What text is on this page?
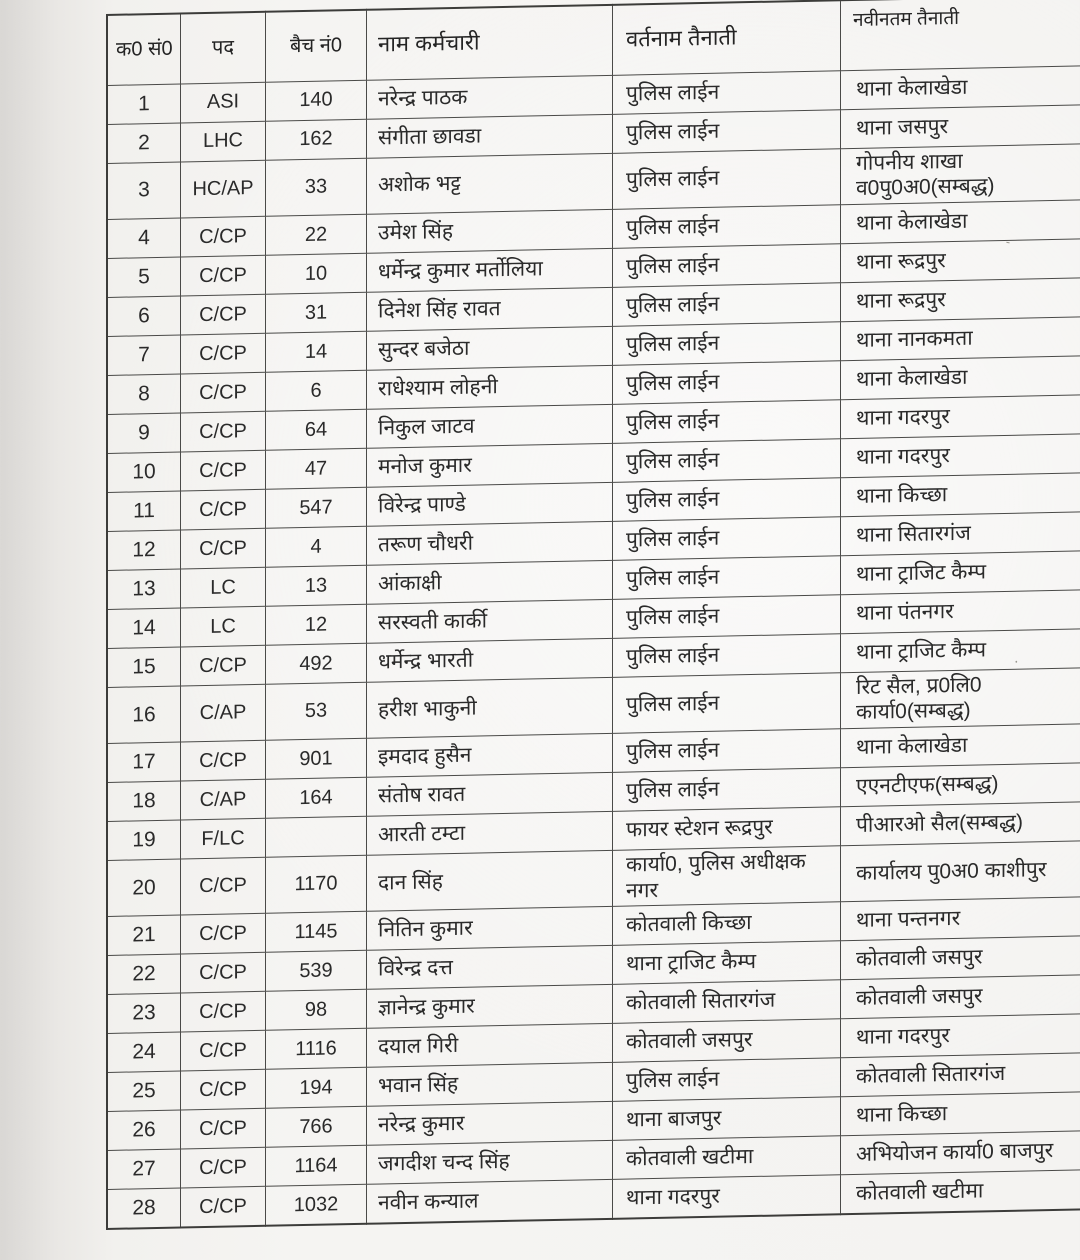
क0 सं0	पद	बैच नं0	नाम कर्मचारी	वर्तनाम तैनाती	नवीनतम तैनाती
1	ASI	140	नरेन्द्र पाठक	पुलिस लाईन	थाना केलाखेडा
2	LHC	162	संगीता छावडा	पुलिस लाईन	थाना जसपुर
3	HC/AP	33	अशोक भट्ट	पुलिस लाईन	गोपनीय शाखा व0पु0अ0(सम्बद्ध)
4	C/CP	22	उमेश सिंह	पुलिस लाईन	थाना केलाखेडा
5	C/CP	10	धर्मेन्द्र कुमार मर्तोलिया	पुलिस लाईन	थाना रूद्रपुर
6	C/CP	31	दिनेश सिंह रावत	पुलिस लाईन	थाना रूद्रपुर
7	C/CP	14	सुन्दर बजेठा	पुलिस लाईन	थाना नानकमता
8	C/CP	6	राधेश्याम लोहनी	पुलिस लाईन	थाना केलाखेडा
9	C/CP	64	निकुल जाटव	पुलिस लाईन	थाना गदरपुर
10	C/CP	47	मनोज कुमार	पुलिस लाईन	थाना गदरपुर
11	C/CP	547	विरेन्द्र पाण्डे	पुलिस लाईन	थाना किच्छा
12	C/CP	4	तरूण चौधरी	पुलिस लाईन	थाना सितारगंज
13	LC	13	आंकाक्षी	पुलिस लाईन	थाना ट्राजिट कैम्प
14	LC	12	सरस्वती कार्की	पुलिस लाईन	थाना पंतनगर
15	C/CP	492	धर्मेन्द्र भारती	पुलिस लाईन	थाना ट्राजिट कैम्प
16	C/AP	53	हरीश भाकुनी	पुलिस लाईन	रिट सैल, प्र0लि0 कार्या0(सम्बद्ध)
17	C/CP	901	इमदाद हुसैन	पुलिस लाईन	थाना केलाखेडा
18	C/AP	164	संतोष रावत	पुलिस लाईन	एएनटीएफ(सम्बद्ध)
19	F/LC		आरती टम्टा	फायर स्टेशन रूद्रपुर	पीआरओ सैल(सम्बद्ध)
20	C/CP	1170	दान सिंह	कार्या0, पुलिस अधीक्षक नगर	कार्यालय पु0अ0 काशीपुर
21	C/CP	1145	नितिन कुमार	कोतवाली किच्छा	थाना पन्तनगर
22	C/CP	539	विरेन्द्र दत्त	थाना ट्राजिट कैम्प	कोतवाली जसपुर
23	C/CP	98	ज्ञानेन्द्र कुमार	कोतवाली सितारगंज	कोतवाली जसपुर
24	C/CP	1116	दयाल गिरी	कोतवाली जसपुर	थाना गदरपुर
25	C/CP	194	भवान सिंह	पुलिस लाईन	कोतवाली सितारगंज
26	C/CP	766	नरेन्द्र कुमार	थाना बाजपुर	थाना किच्छा
27	C/CP	1164	जगदीश चन्द सिंह	कोतवाली खटीमा	अभियोजन कार्या0 बाजपुर
28	C/CP	1032	नवीन कन्याल	थाना गदरपुर	कोतवाली खटीमा
᠂
-
